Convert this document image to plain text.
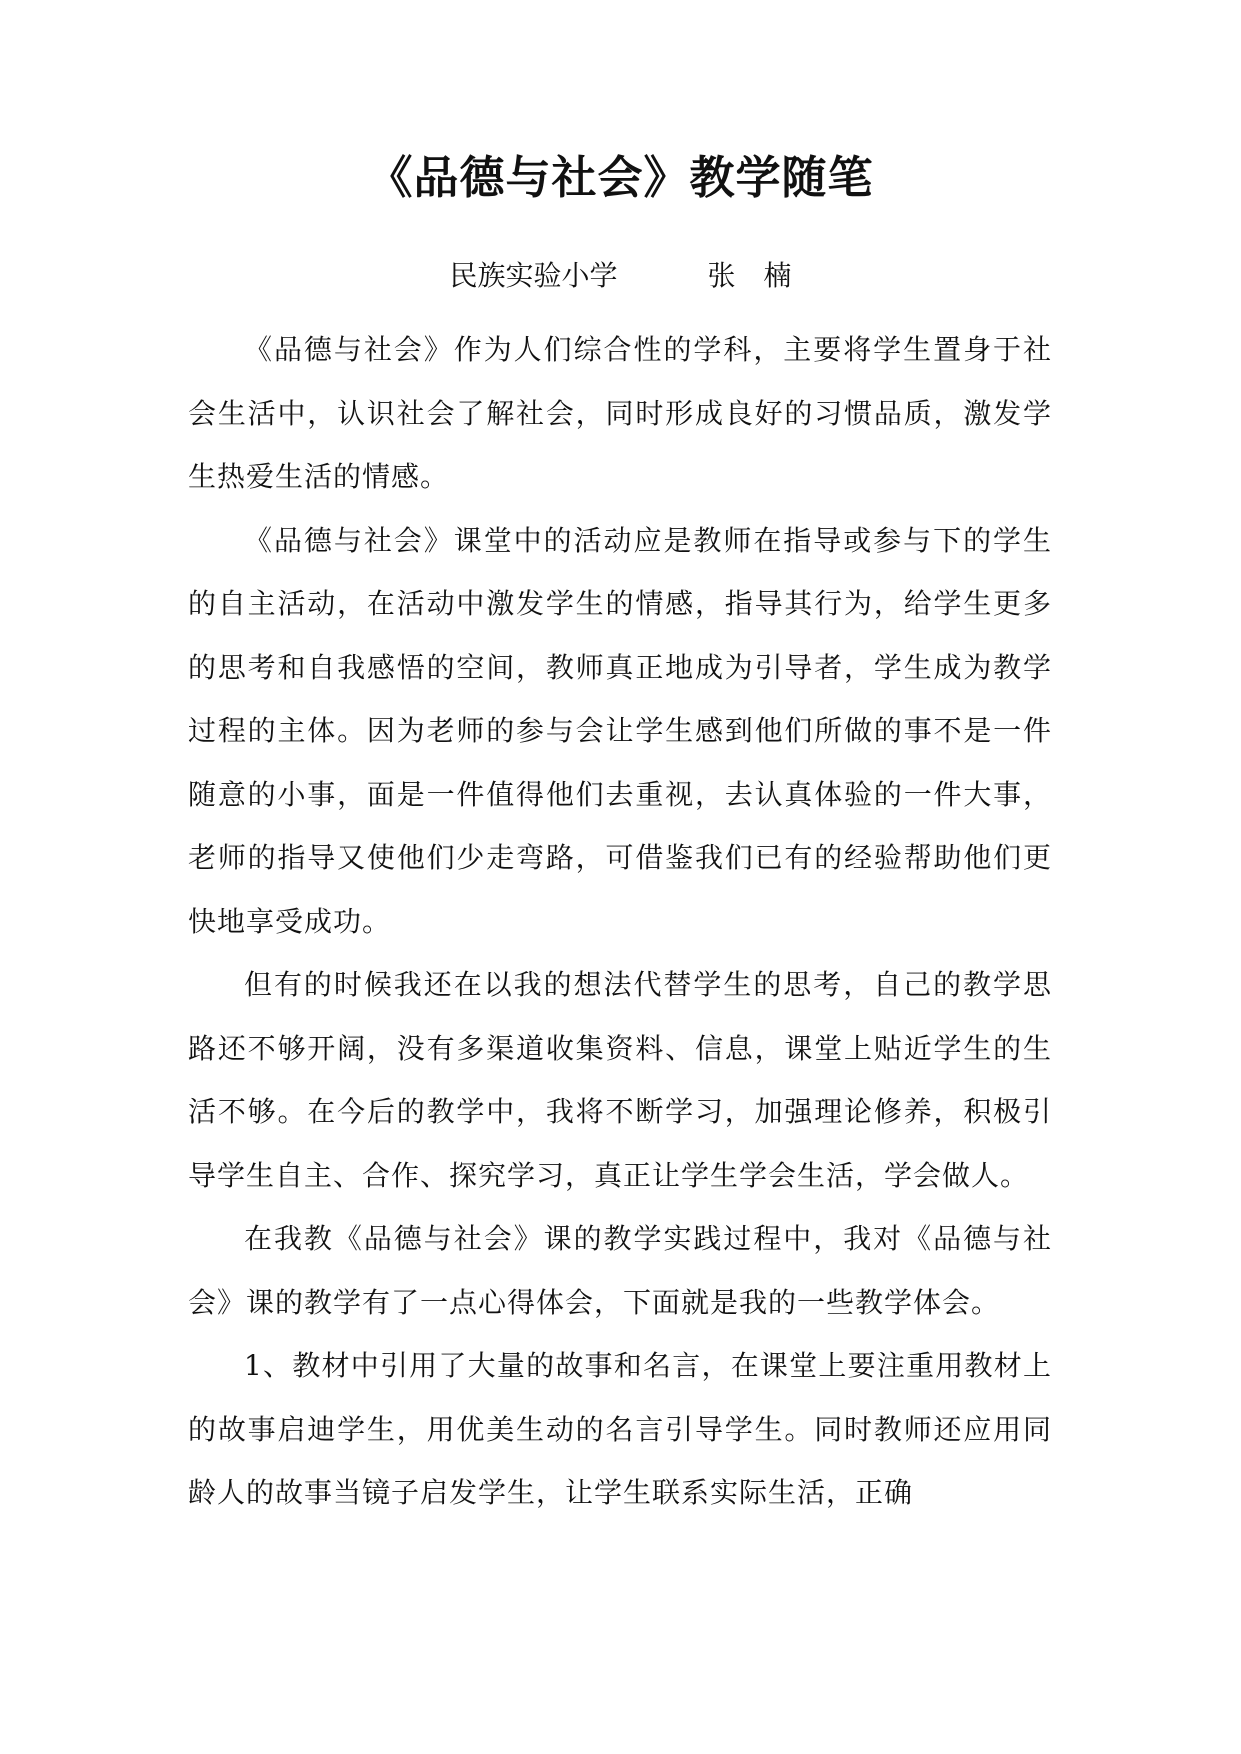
《品德与社会》教学随笔

民族实验小学	张 楠

《品德与社会》作为人们综合性的学科，主要将学生置身于社会生活中，认识社会了解社会，同时形成良好的习惯品质，激发学生热爱生活的情感。

《品德与社会》课堂中的活动应是教师在指导或参与下的学生的自主活动，在活动中激发学生的情感，指导其行为，给学生更多的思考和自我感悟的空间，教师真正地成为引导者，学生成为教学过程的主体。因为老师的参与会让学生感到他们所做的事不是一件随意的小事，面是一件值得他们去重视，去认真体验的一件大事，老师的指导又使他们少走弯路，可借鉴我们已有的经验帮助他们更快地享受成功。

但有的时候我还在以我的想法代替学生的思考，自己的教学思路还不够开阔，没有多渠道收集资料、信息，课堂上贴近学生的生活不够。在今后的教学中，我将不断学习，加强理论修养，积极引导学生自主、合作、探究学习，真正让学生学会生活，学会做人。

在我教《品德与社会》课的教学实践过程中，我对《品德与社会》课的教学有了一点心得体会，下面就是我的一些教学体会。

1、教材中引用了大量的故事和名言，在课堂上要注重用教材上的故事启迪学生，用优美生动的名言引导学生。同时教师还应用同龄人的故事当镜子启发学生，让学生联系实际生活，正确
